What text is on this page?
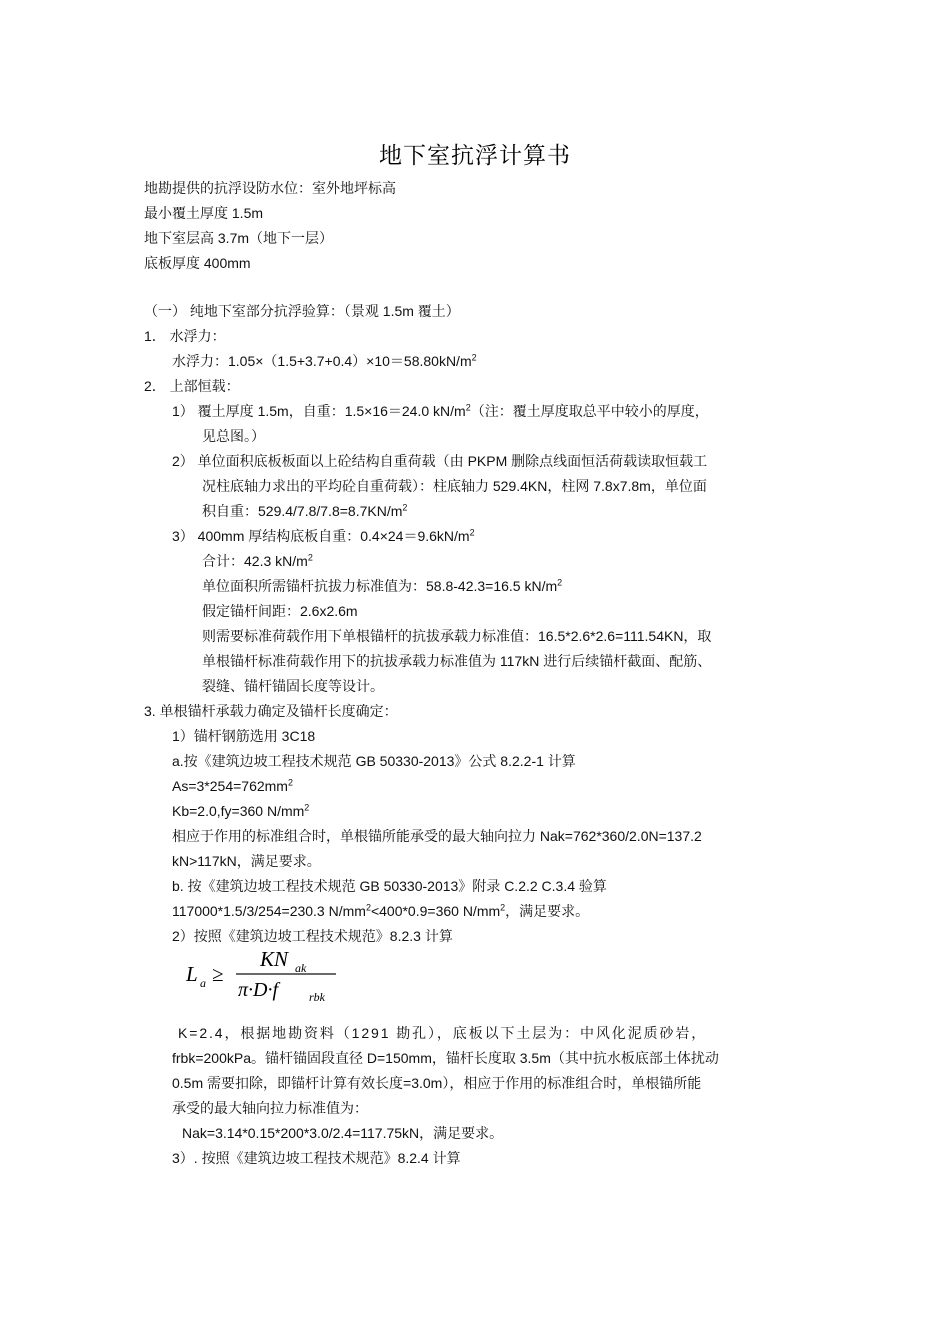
地下室抗浮计算书
地勘提供的抗浮设防水位：室外地坪标高
最小覆土厚度 1.5m
地下室层高 3.7m（地下一层）
底板厚度 400mm
（一） 纯地下室部分抗浮验算：（景观 1.5m 覆土）
1． 水浮力：
水浮力：$1.05\times(1.5+3.7+0.4)\times 10=58.80kN/m^2$
2． 上部恒载：
1） 覆土厚度 1.5m，自重：1.5×16＝24.0 $kN/m^2$（注：覆土厚度取总平中较小的厚度，
见总图。）
2） 单位面积底板板面以上砼结构自重荷载（由 PKPM 删除点线面恒活荷载读取恒载工
况柱底轴力求出的平均砼自重荷载）：柱底轴力 529.4KN，柱网 7.8x7.8m，单位面
积自重：$529.4/7.8/7.8=8.7KN/m^2$
3） 400mm 厚结构底板自重：$0.4\times 24=9.6kN/m^2$
合计：42.3 $kN/m^2$
单位面积所需锚杆抗拔力标准值为：58.8-42.3=16.5 $kN/m^2$
假定锚杆间距：2.6x2.6m
则需要标准荷载作用下单根锚杆的抗拔承载力标准值：16.5*2.6*2.6=111.54KN，取
单根锚杆标准荷载作用下的抗拔承载力标准值为 117kN 进行后续锚杆截面、配筋、
裂缝、锚杆锚固长度等设计。
3. 单根锚杆承载力确定及锚杆长度确定：
1）锚杆钢筋选用 3C18
a.按《建筑边坡工程技术规范 GB 50330-2013》公式 8.2.2-1 计算
$As=3*254=762mm^2$
Kb=2.0,fy=360 $N/mm^2$
相应于作用的标准组合时，单根锚所能承受的最大轴向拉力 Nak=762*360/2.0N=137.2
kN>117kN，满足要求。
b. 按《建筑边坡工程技术规范 GB 50330-2013》附录 C.2.2 C.3.4 验算
117000*1.5/3/254=230.3 $N/mm^2<400*0.9=360$ $N/mm^2$，满足要求。
2）按照《建筑边坡工程技术规范》8.2.3 计算
L a ≥
KN ak
π·D·f	rbk
K=2.4，根据地勘资料（1291 勘孔），底板以下土层为：中风化泥质砂岩，
frbk=200kPa。锚杆锚固段直径 D=150mm，锚杆长度取 3.5m（其中抗水板底部土体扰动
0.5m 需要扣除，即锚杆计算有效长度=3.0m），相应于作用的标准组合时，单根锚所能
承受的最大轴向拉力标准值为：
Nak=3.14*0.15*200*3.0/2.4=117.75kN，满足要求。
3）. 按照《建筑边坡工程技术规范》8.2.4 计算
